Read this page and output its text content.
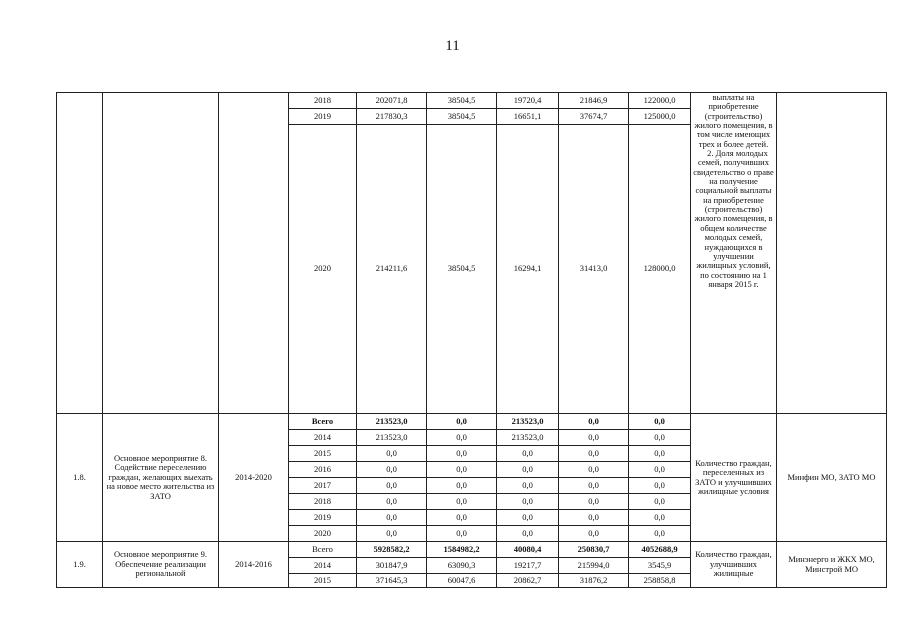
11
			2018	202071,8	38504,5	19720,4	21846,9	122000,0	выплаты на приобретение (строительство) жилого помещения, в том числе имеющих трех и более детей.
2. Доля молодых семей, получивших свидетельство о праве на получение социальной выплаты на приобретение (строительство) жилого помещения, в общем количестве молодых семей, нуждающихся в улучшении жилищных условий, по состоянию на 1 января 2015 г.	

			2019	217830,3	38504,5	16651,1	37674,7	125000,0		
			2020	214211,6	38504,5	16294,1	31413,0	128000,0		
1.8.	Основное мероприятие 8. Содействие переселению граждан, желающих выехать на новое место жительства из ЗАТО	2014-2020	Всего	213523,0	0,0	213523,0	0,0	0,0	Количество граждан, переселенных из ЗАТО и улучшивших жилищные условия	Минфин МО, ЗАТО МО
			2014	213523,0	0,0	213523,0	0,0	0,0		
			2015	0,0	0,0	0,0	0,0	0,0		
			2016	0,0	0,0	0,0	0,0	0,0		
			2017	0,0	0,0	0,0	0,0	0,0		
			2018	0,0	0,0	0,0	0,0	0,0		
			2019	0,0	0,0	0,0	0,0	0,0		
			2020	0,0	0,0	0,0	0,0	0,0		
1.9.	Основное мероприятие 9. Обеспечение реализации региональной	2014-2016	Всего	5928582,2	1584982,2	40080,4	250830,7	4052688,9	Количество граждан, улучшивших жилищные	Минэнерго и ЖКХ МО, Минстрой МО
			2014	301847,9	63090,3	19217,7	215994,0	3545,9		
			2015	371645,3	60047,6	20862,7	31876,2	258858,8		
